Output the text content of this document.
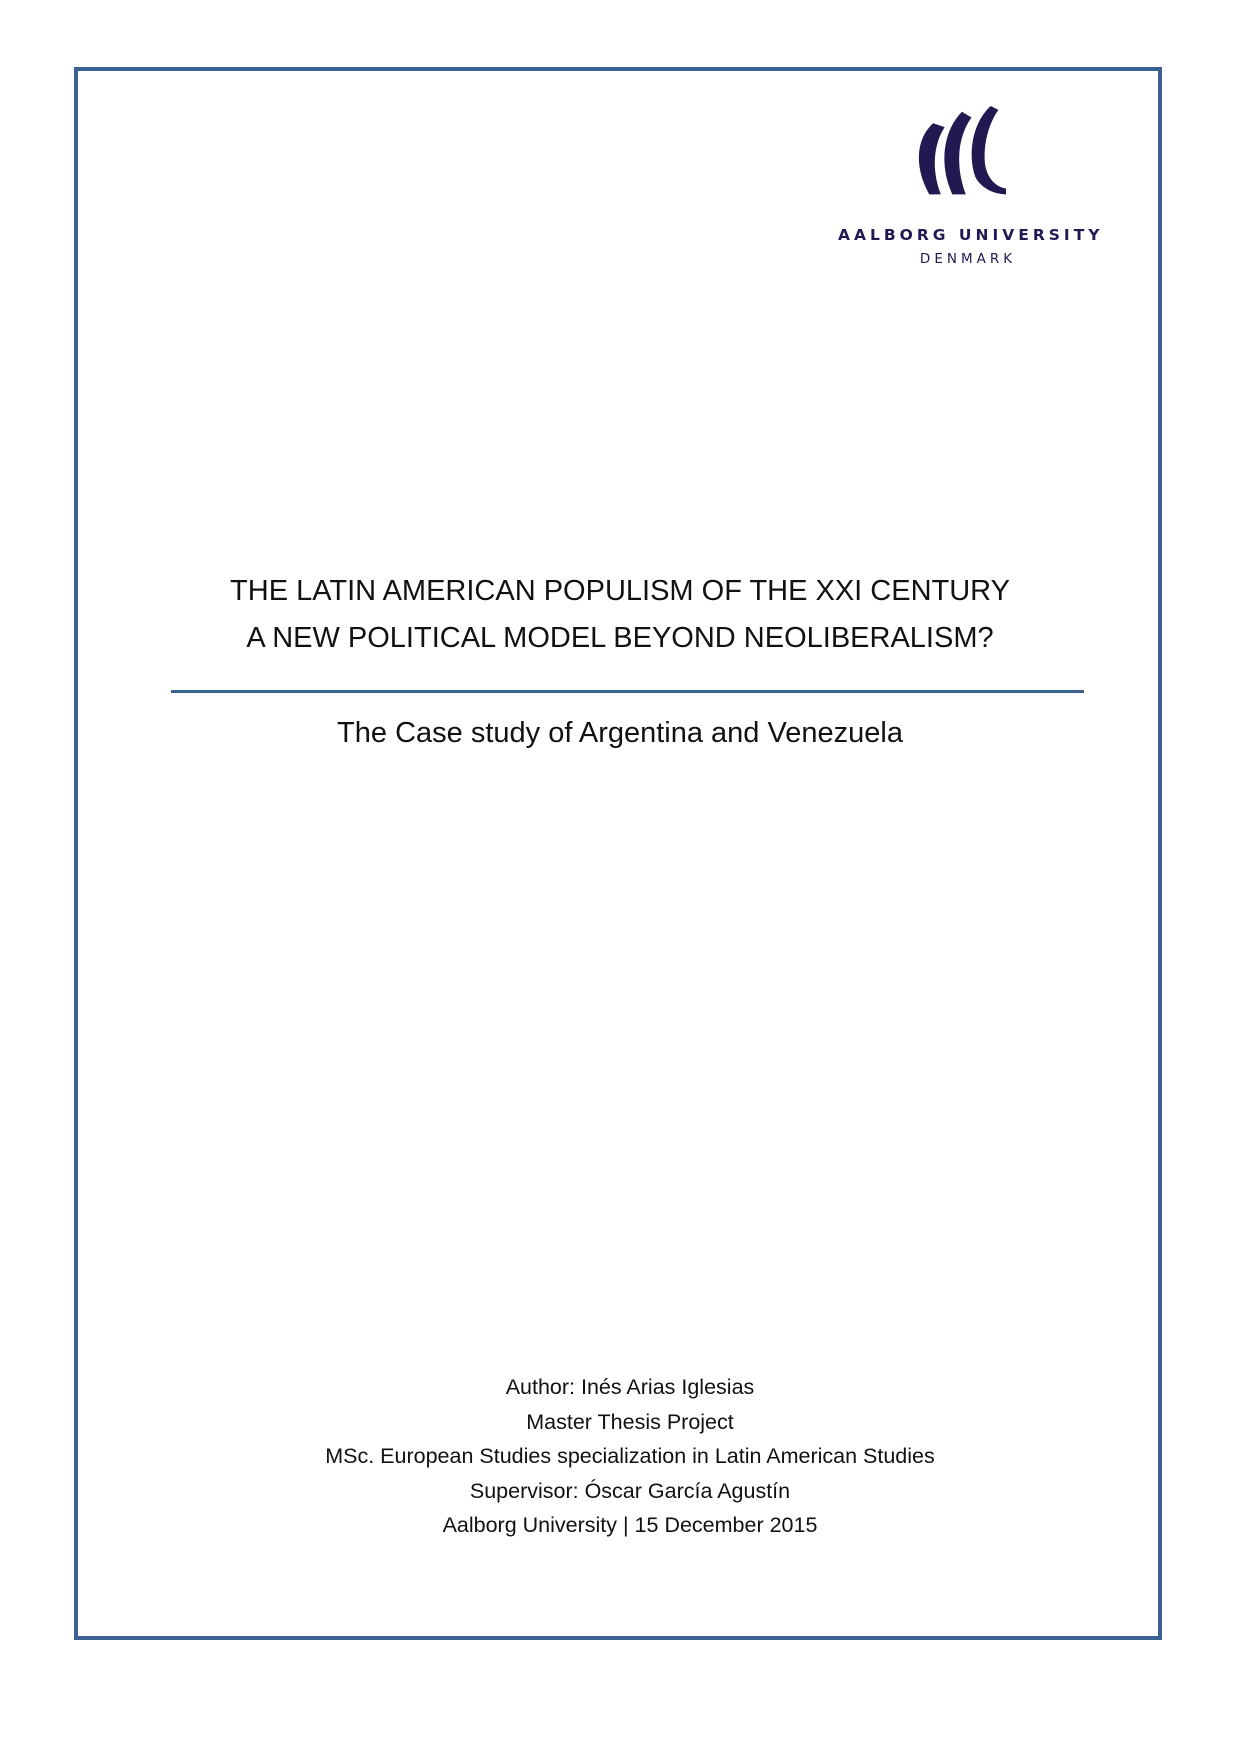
AALBORG UNIVERSITY
DENMARK
THE LATIN AMERICAN POPULISM OF THE XXI CENTURY
A NEW POLITICAL MODEL BEYOND NEOLIBERALISM?
The Case study of Argentina and Venezuela
Author: Inés Arias Iglesias
Master Thesis Project
MSc. European Studies specialization in Latin American Studies
Supervisor: Óscar García Agustín
Aalborg University | 15 December 2015
